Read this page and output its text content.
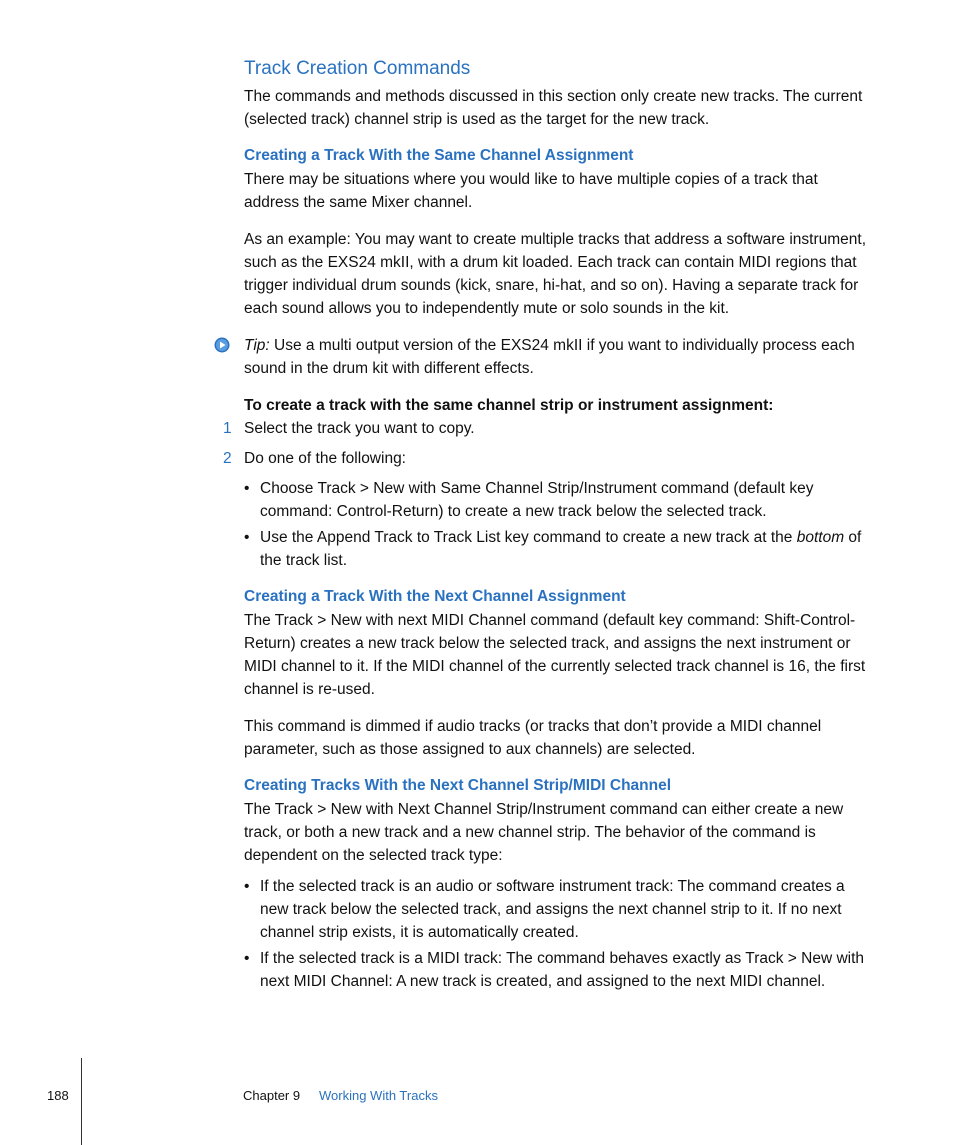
Track Creation Commands

The commands and methods discussed in this section only create new tracks. The current (selected track) channel strip is used as the target for the new track.

Creating a Track With the Same Channel Assignment

There may be situations where you would like to have multiple copies of a track that address the same Mixer channel.

As an example: You may want to create multiple tracks that address a software instrument, such as the EXS24 mkII, with a drum kit loaded. Each track can contain MIDI regions that trigger individual drum sounds (kick, snare, hi-hat, and so on). Having a separate track for each sound allows you to independently mute or solo sounds in the kit.

Tip: Use a multi output version of the EXS24 mkII if you want to individually process each sound in the drum kit with different effects.

To create a track with the same channel strip or instrument assignment:

1 Select the track you want to copy.
2 Do one of the following:
• Choose Track > New with Same Channel Strip/Instrument command (default key command: Control-Return) to create a new track below the selected track.
• Use the Append Track to Track List key command to create a new track at the bottom of the track list.
Creating a Track With the Next Channel Assignment

The Track > New with next MIDI Channel command (default key command: Shift-Control-Return) creates a new track below the selected track, and assigns the next instrument or MIDI channel to it. If the MIDI channel of the currently selected track channel is 16, the first channel is re-used.

This command is dimmed if audio tracks (or tracks that don’t provide a MIDI channel parameter, such as those assigned to aux channels) are selected.

Creating Tracks With the Next Channel Strip/MIDI Channel

The Track > New with Next Channel Strip/Instrument command can either create a new track, or both a new track and a new channel strip. The behavior of the command is dependent on the selected track type:

• If the selected track is an audio or software instrument track: The command creates a new track below the selected track, and assigns the next channel strip to it. If no next channel strip exists, it is automatically created.
• If the selected track is a MIDI track: The command behaves exactly as Track > New with next MIDI Channel: A new track is created, and assigned to the next MIDI channel.
188	Chapter 9 Working With Tracks
